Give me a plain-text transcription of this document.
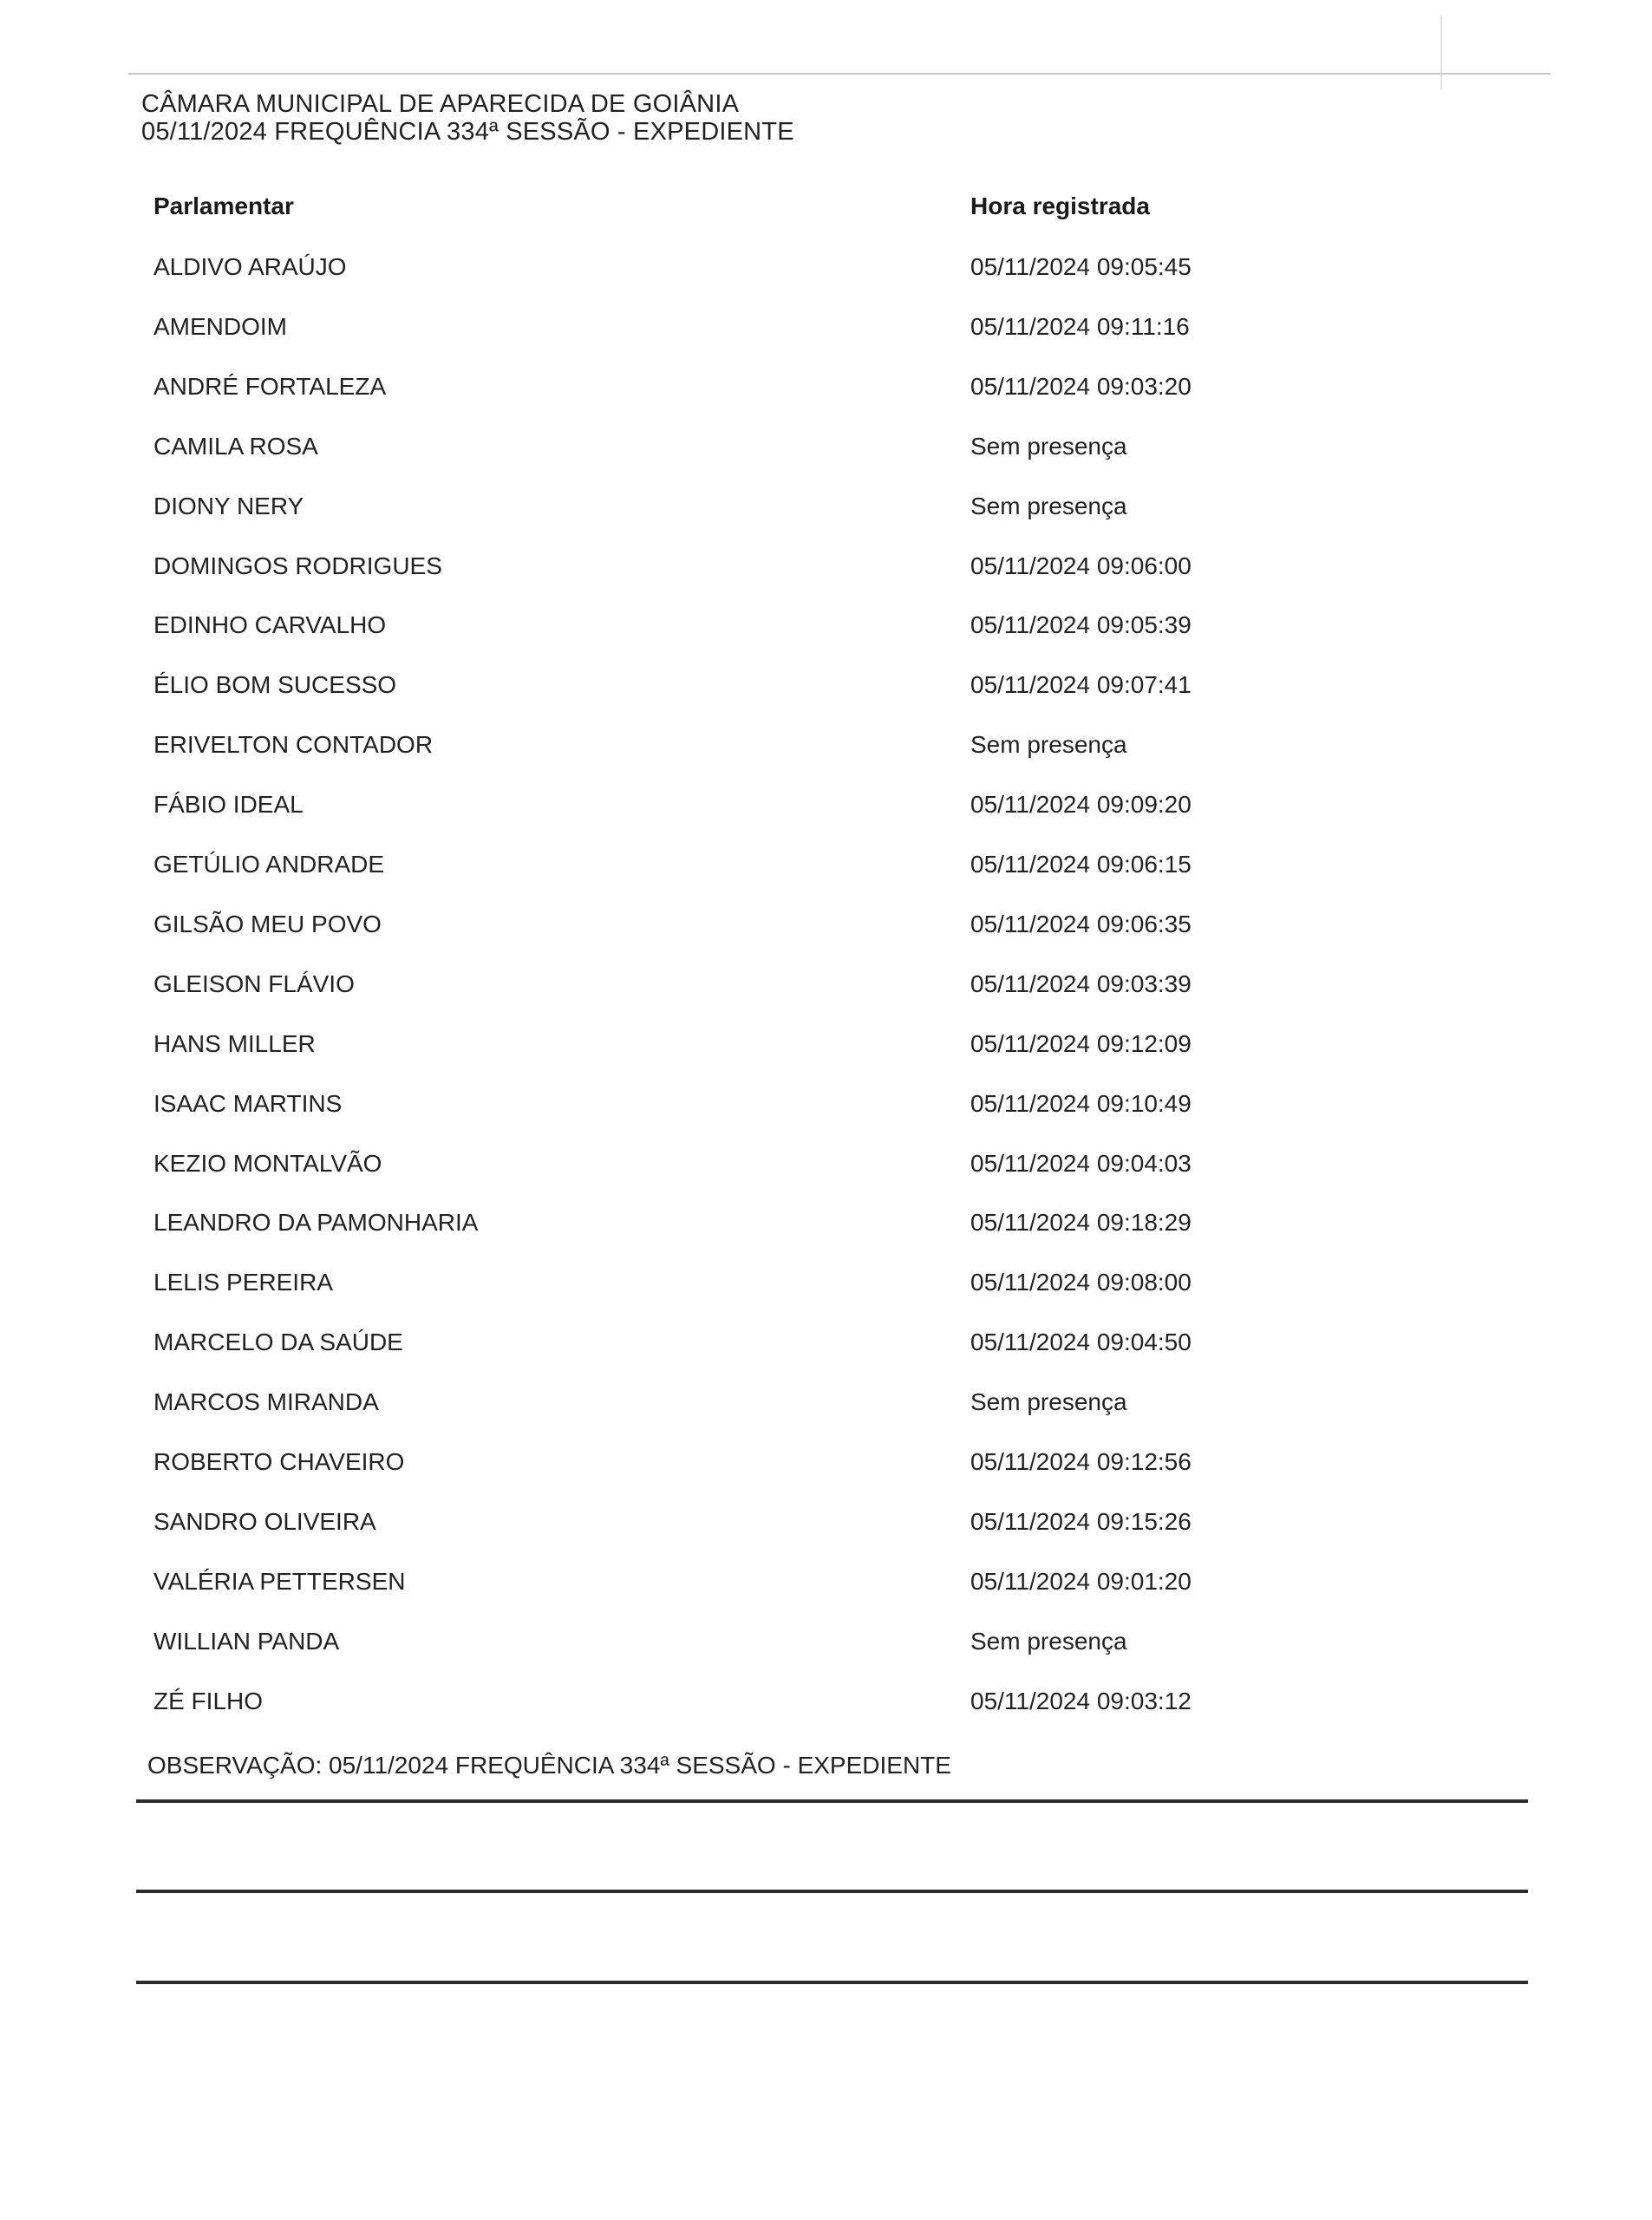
CÂMARA MUNICIPAL DE APARECIDA DE GOIÂNIA
05/11/2024 FREQUÊNCIA 334ª SESSÃO - EXPEDIENTE
Parlamentar	Hora registrada
ALDIVO ARAÚJO	05/11/2024 09:05:45
AMENDOIM	05/11/2024 09:11:16
ANDRÉ FORTALEZA	05/11/2024 09:03:20
CAMILA ROSA	Sem presença
DIONY NERY	Sem presença
DOMINGOS RODRIGUES	05/11/2024 09:06:00
EDINHO CARVALHO	05/11/2024 09:05:39
ÉLIO BOM SUCESSO	05/11/2024 09:07:41
ERIVELTON CONTADOR	Sem presença
FÁBIO IDEAL	05/11/2024 09:09:20
GETÚLIO ANDRADE	05/11/2024 09:06:15
GILSÃO MEU POVO	05/11/2024 09:06:35
GLEISON FLÁVIO	05/11/2024 09:03:39
HANS MILLER	05/11/2024 09:12:09
ISAAC MARTINS	05/11/2024 09:10:49
KEZIO MONTALVÃO	05/11/2024 09:04:03
LEANDRO DA PAMONHARIA	05/11/2024 09:18:29
LELIS PEREIRA	05/11/2024 09:08:00
MARCELO DA SAÚDE	05/11/2024 09:04:50
MARCOS MIRANDA	Sem presença
ROBERTO CHAVEIRO	05/11/2024 09:12:56
SANDRO OLIVEIRA	05/11/2024 09:15:26
VALÉRIA PETTERSEN	05/11/2024 09:01:20
WILLIAN PANDA	Sem presença
ZÉ FILHO	05/11/2024 09:03:12
OBSERVAÇÃO: 05/11/2024 FREQUÊNCIA 334ª SESSÃO - EXPEDIENTE
